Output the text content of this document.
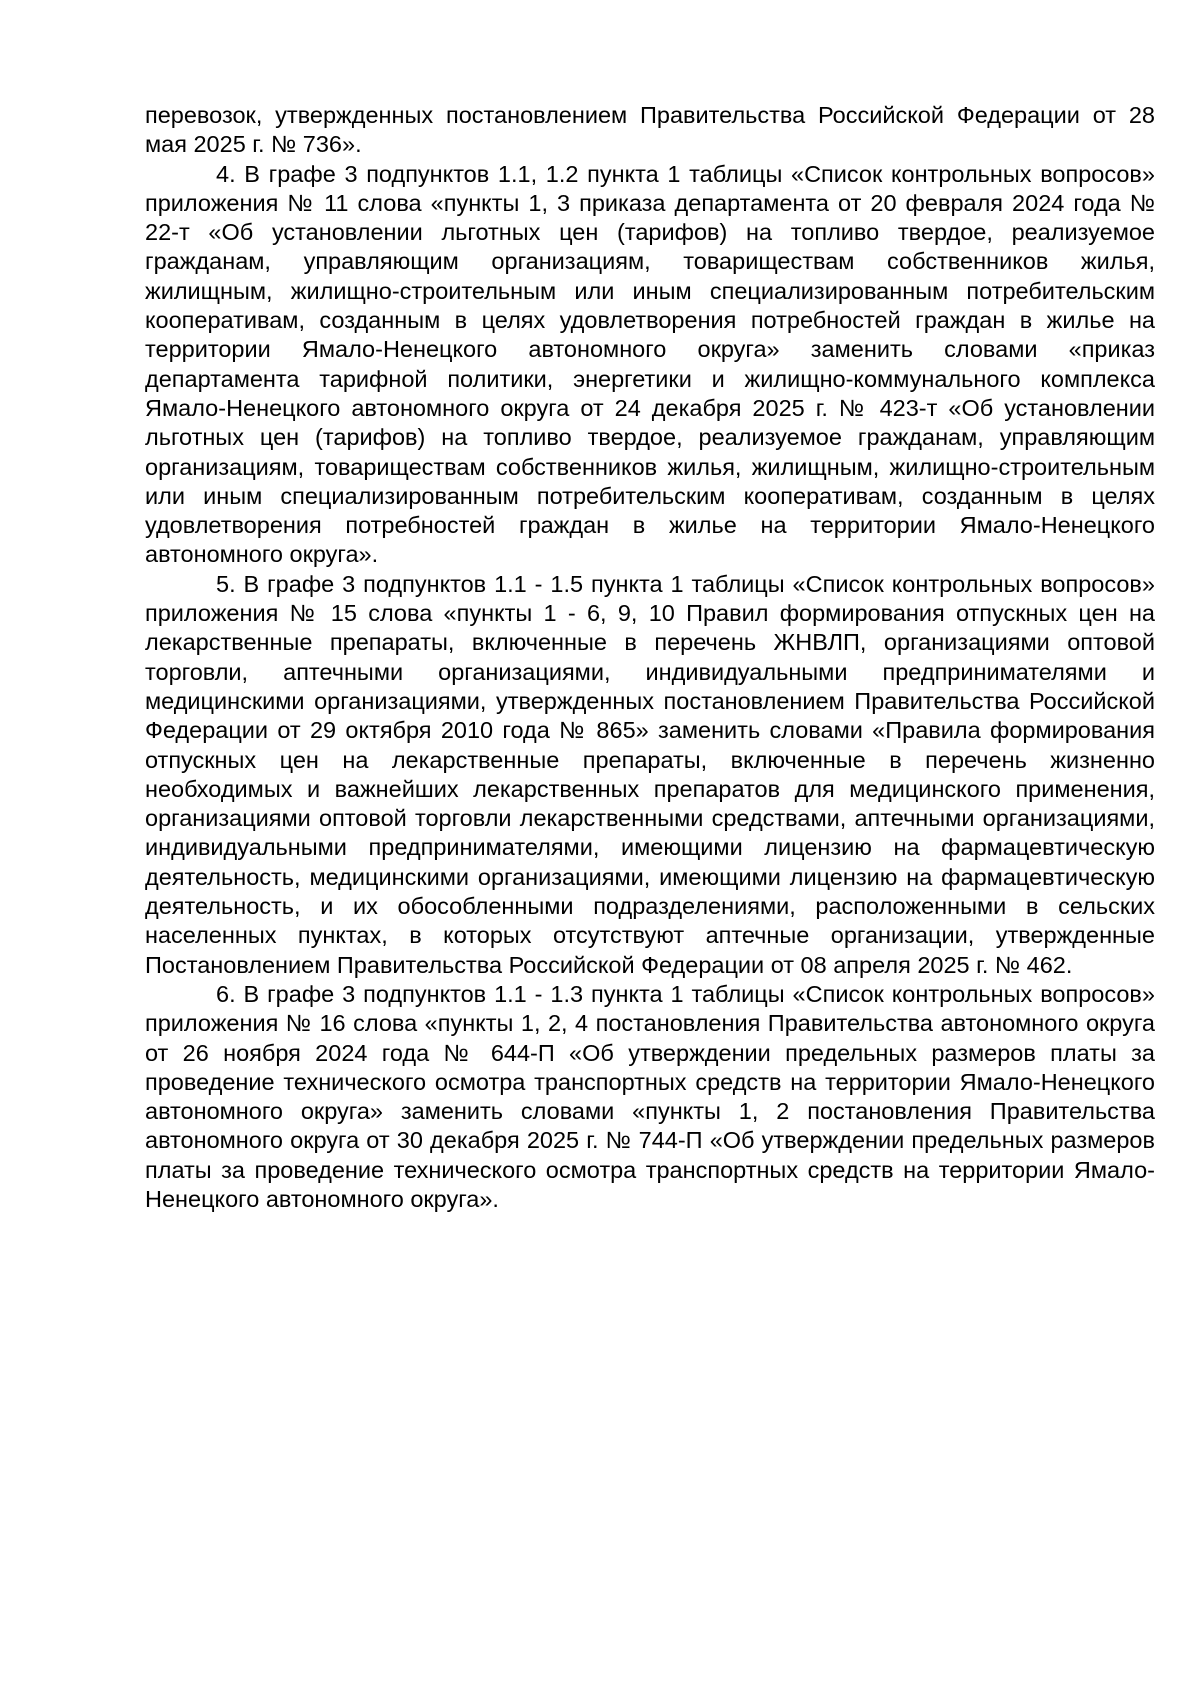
перевозок, утвержденных постановлением Правительства Российской Федерации от 28 мая 2025 г. № 736».

4. В графе 3 подпунктов 1.1, 1.2 пункта 1 таблицы «Список контрольных вопросов» приложения № 11 слова «пункты 1, 3 приказа департамента от 20 февраля 2024 года № 22-т «Об установлении льготных цен (тарифов) на топливо твердое, реализуемое гражданам, управляющим организациям, товариществам собственников жилья, жилищным, жилищно-строительным или иным специализированным потребительским кооперативам, созданным в целях удовлетворения потребностей граждан в жилье на территории Ямало-Ненецкого автономного округа» заменить словами «приказ департамента тарифной политики, энергетики и жилищно-коммунального комплекса Ямало-Ненецкого автономного округа от 24 декабря 2025 г. № 423-т «Об установлении льготных цен (тарифов) на топливо твердое, реализуемое гражданам, управляющим организациям, товариществам собственников жилья, жилищным, жилищно-строительным или иным специализированным потребительским кооперативам, созданным в целях удовлетворения потребностей граждан в жилье на территории Ямало-Ненецкого автономного округа».

5. В графе 3 подпунктов 1.1 - 1.5 пункта 1 таблицы «Список контрольных вопросов» приложения № 15 слова «пункты 1 - 6, 9, 10 Правил формирования отпускных цен на лекарственные препараты, включенные в перечень ЖНВЛП, организациями оптовой торговли, аптечными организациями, индивидуальными предпринимателями и медицинскими организациями, утвержденных постановлением Правительства Российской Федерации от 29 октября 2010 года № 865» заменить словами «Правила формирования отпускных цен на лекарственные препараты, включенные в перечень жизненно необходимых и важнейших лекарственных препаратов для медицинского применения, организациями оптовой торговли лекарственными средствами, аптечными организациями, индивидуальными предпринимателями, имеющими лицензию на фармацевтическую деятельность, медицинскими организациями, имеющими лицензию на фармацевтическую деятельность, и их обособленными подразделениями, расположенными в сельских населенных пунктах, в которых отсутствуют аптечные организации, утвержденные Постановлением Правительства Российской Федерации от 08 апреля 2025 г. № 462.

6. В графе 3 подпунктов 1.1 - 1.3 пункта 1 таблицы «Список контрольных вопросов» приложения № 16 слова «пункты 1, 2, 4 постановления Правительства автономного округа от 26 ноября 2024 года № 644-П «Об утверждении предельных размеров платы за проведение технического осмотра транспортных средств на территории Ямало-Ненецкого автономного округа» заменить словами «пункты 1, 2 постановления Правительства автономного округа от 30 декабря 2025 г. № 744-П «Об утверждении предельных размеров платы за проведение технического осмотра транспортных средств на территории Ямало-Ненецкого автономного округа».
